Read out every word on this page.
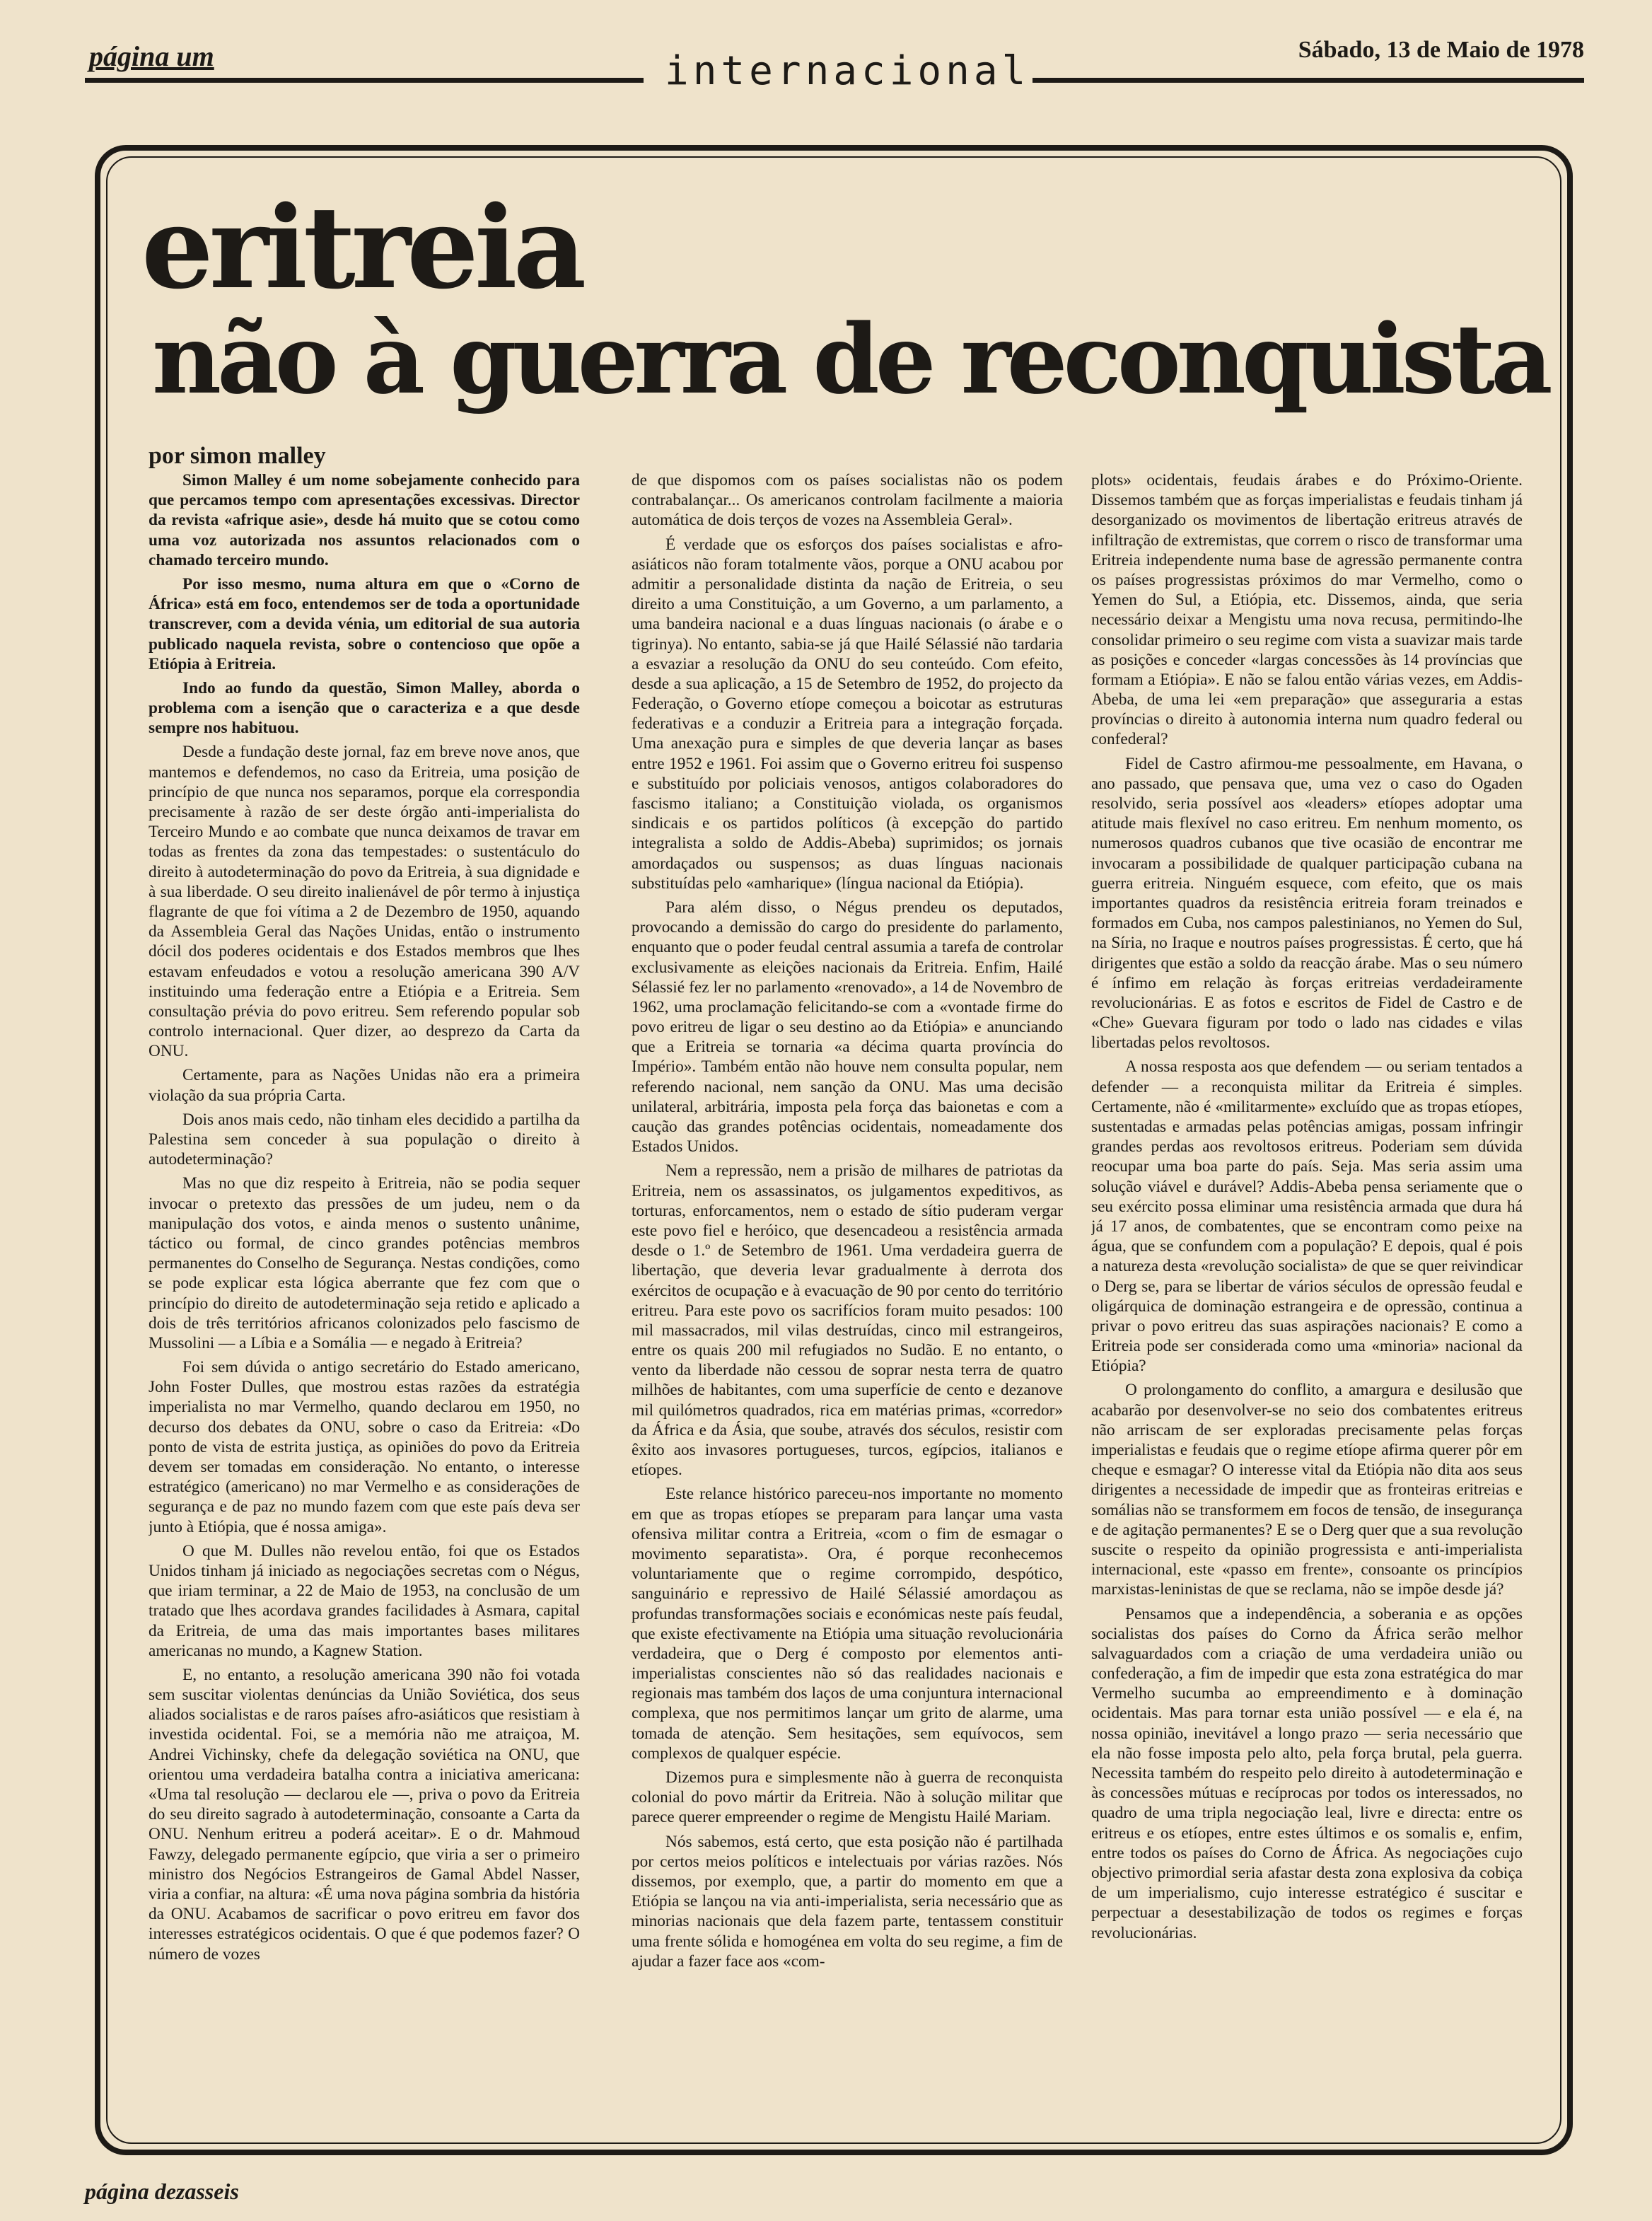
página um	internacional	Sábado, 13 de Maio de 1978
eritreia
não à guerra de reconquista
por simon malley

Simon Malley é um nome sobejamente conhecido para que percamos tempo com apresentações excessivas. Director da revista «afrique asie», desde há muito que se cotou como uma voz autorizada nos assuntos relacionados com o chamado terceiro mundo.

Por isso mesmo, numa altura em que o «Corno de África» está em foco, entendemos ser de toda a oportunidade transcrever, com a devida vénia, um editorial de sua autoria publicado naquela revista, sobre o contencioso que opõe a Etiópia à Eritreia.

Indo ao fundo da questão, Simon Malley, aborda o problema com a isenção que o caracteriza e a que desde sempre nos habituou.

Desde a fundação deste jornal, faz em breve nove anos, que mantemos e defendemos, no caso da Eritreia, uma posição de princípio de que nunca nos separamos, porque ela correspondia precisamente à razão de ser deste órgão anti-imperialista do Terceiro Mundo e ao combate que nunca deixamos de travar em todas as frentes da zona das tempestades: o sustentáculo do direito à autodeterminação do povo da Eritreia, à sua dignidade e à sua liberdade. O seu direito inalienável de pôr termo à injustiça flagrante de que foi vítima a 2 de Dezembro de 1950, aquando da Assembleia Geral das Nações Unidas, então o instrumento dócil dos poderes ocidentais e dos Estados membros que lhes estavam enfeudados e votou a resolução americana 390 A/V instituindo uma federação entre a Etiópia e a Eritreia. Sem consultação prévia do povo eritreu. Sem referendo popular sob controlo internacional. Quer dizer, ao desprezo da Carta da ONU.

Certamente, para as Nações Unidas não era a primeira violação da sua própria Carta.

Dois anos mais cedo, não tinham eles decidido a partilha da Palestina sem conceder à sua população o direito à autodeterminação?

Mas no que diz respeito à Eritreia, não se podia sequer invocar o pretexto das pressões de um judeu, nem o da manipulação dos votos, e ainda menos o sustento unânime, táctico ou formal, de cinco grandes potências membros permanentes do Conselho de Segurança. Nestas condições, como se pode explicar esta lógica aberrante que fez com que o princípio do direito de autodeterminação seja retido e aplicado a dois de três territórios africanos colonizados pelo fascismo de Mussolini — a Líbia e a Somália — e negado à Eritreia?

Foi sem dúvida o antigo secretário do Estado americano, John Foster Dulles, que mostrou estas razões da estratégia imperialista no mar Vermelho, quando declarou em 1950, no decurso dos debates da ONU, sobre o caso da Eritreia: «Do ponto de vista de estrita justiça, as opiniões do povo da Eritreia devem ser tomadas em consideração. No entanto, o interesse estratégico (americano) no mar Vermelho e as considerações de segurança e de paz no mundo fazem com que este país deva ser junto à Etiópia, que é nossa amiga».

O que M. Dulles não revelou então, foi que os Estados Unidos tinham já iniciado as negociações secretas com o Négus, que iriam terminar, a 22 de Maio de 1953, na conclusão de um tratado que lhes acordava grandes facilidades à Asmara, capital da Eritreia, de uma das mais importantes bases militares americanas no mundo, a Kagnew Station.

E, no entanto, a resolução americana 390 não foi votada sem suscitar violentas denúncias da União Soviética, dos seus aliados socialistas e de raros países afro-asiáticos que resistiam à investida ocidental. Foi, se a memória não me atraiçoa, M. Andrei Vichinsky, chefe da delegação soviética na ONU, que orientou uma verdadeira batalha contra a iniciativa americana: «Uma tal resolução — declarou ele —, priva o povo da Eritreia do seu direito sagrado à autodeterminação, consoante a Carta da ONU. Nenhum eritreu a poderá aceitar». E o dr. Mahmoud Fawzy, delegado permanente egípcio, que viria a ser o primeiro ministro dos Negócios Estrangeiros de Gamal Abdel Nasser, viria a confiar, na altura: «É uma nova página sombria da história da ONU. Acabamos de sacrificar o povo eritreu em favor dos interesses estratégicos ocidentais. O que é que podemos fazer? O número de vozes

de que dispomos com os países socialistas não os podem contrabalançar... Os americanos controlam facilmente a maioria automática de dois terços de vozes na Assembleia Geral».

É verdade que os esforços dos países socialistas e afro-asiáticos não foram totalmente vãos, porque a ONU acabou por admitir a personalidade distinta da nação de Eritreia, o seu direito a uma Constituição, a um Governo, a um parlamento, a uma bandeira nacional e a duas línguas nacionais (o árabe e o tigrinya). No entanto, sabia-se já que Hailé Sélassié não tardaria a esvaziar a resolução da ONU do seu conteúdo. Com efeito, desde a sua aplicação, a 15 de Setembro de 1952, do projecto da Federação, o Governo etíope começou a boicotar as estruturas federativas e a conduzir a Eritreia para a integração forçada. Uma anexação pura e simples de que deveria lançar as bases entre 1952 e 1961. Foi assim que o Governo eritreu foi suspenso e substituído por policiais venosos, antigos colaboradores do fascismo italiano; a Constituição violada, os organismos sindicais e os partidos políticos (à excepção do partido integralista a soldo de Addis-Abeba) suprimidos; os jornais amordaçados ou suspensos; as duas línguas nacionais substituídas pelo «amharique» (língua nacional da Etiópia).

Para além disso, o Négus prendeu os deputados, provocando a demissão do cargo do presidente do parlamento, enquanto que o poder feudal central assumia a tarefa de controlar exclusivamente as eleições nacionais da Eritreia. Enfim, Hailé Sélassié fez ler no parlamento «renovado», a 14 de Novembro de 1962, uma proclamação felicitando-se com a «vontade firme do povo eritreu de ligar o seu destino ao da Etiópia» e anunciando que a Eritreia se tornaria «a décima quarta província do Império». Também então não houve nem consulta popular, nem referendo nacional, nem sanção da ONU. Mas uma decisão unilateral, arbitrária, imposta pela força das baionetas e com a caução das grandes potências ocidentais, nomeadamente dos Estados Unidos.

Nem a repressão, nem a prisão de milhares de patriotas da Eritreia, nem os assassinatos, os julgamentos expeditivos, as torturas, enforcamentos, nem o estado de sítio puderam vergar este povo fiel e heróico, que desencadeou a resistência armada desde o 1.º de Setembro de 1961. Uma verdadeira guerra de libertação, que deveria levar gradualmente à derrota dos exércitos de ocupação e à evacuação de 90 por cento do território eritreu. Para este povo os sacrifícios foram muito pesados: 100 mil massacrados, mil vilas destruídas, cinco mil estrangeiros, entre os quais 200 mil refugiados no Sudão. E no entanto, o vento da liberdade não cessou de soprar nesta terra de quatro milhões de habitantes, com uma superfície de cento e dezanove mil quilómetros quadrados, rica em matérias primas, «corredor» da África e da Ásia, que soube, através dos séculos, resistir com êxito aos invasores portugueses, turcos, egípcios, italianos e etíopes.

Este relance histórico pareceu-nos importante no momento em que as tropas etíopes se preparam para lançar uma vasta ofensiva militar contra a Eritreia, «com o fim de esmagar o movimento separatista». Ora, é porque reconhecemos voluntariamente que o regime corrompido, despótico, sanguinário e repressivo de Hailé Sélassié amordaçou as profundas transformações sociais e económicas neste país feudal, que existe efectivamente na Etiópia uma situação revolucionária verdadeira, que o Derg é composto por elementos anti-imperialistas conscientes não só das realidades nacionais e regionais mas também dos laços de uma conjuntura internacional complexa, que nos permitimos lançar um grito de alarme, uma tomada de atenção. Sem hesitações, sem equívocos, sem complexos de qualquer espécie.

Dizemos pura e simplesmente não à guerra de reconquista colonial do povo mártir da Eritreia. Não à solução militar que parece querer empreender o regime de Mengistu Hailé Mariam.

Nós sabemos, está certo, que esta posição não é partilhada por certos meios políticos e intelectuais por várias razões. Nós dissemos, por exemplo, que, a partir do momento em que a Etiópia se lançou na via anti-imperialista, seria necessário que as minorias nacionais que dela fazem parte, tentassem constituir uma frente sólida e homogénea em volta do seu regime, a fim de ajudar a fazer face aos «com-

plots» ocidentais, feudais árabes e do Próximo-Oriente. Dissemos também que as forças imperialistas e feudais tinham já desorganizado os movimentos de libertação eritreus através de infiltração de extremistas, que correm o risco de transformar uma Eritreia independente numa base de agressão permanente contra os países progressistas próximos do mar Vermelho, como o Yemen do Sul, a Etiópia, etc. Dissemos, ainda, que seria necessário deixar a Mengistu uma nova recusa, permitindo-lhe consolidar primeiro o seu regime com vista a suavizar mais tarde as posições e conceder «largas concessões às 14 províncias que formam a Etiópia». E não se falou então várias vezes, em Addis-Abeba, de uma lei «em preparação» que asseguraria a estas províncias o direito à autonomia interna num quadro federal ou confederal?

Fidel de Castro afirmou-me pessoalmente, em Havana, o ano passado, que pensava que, uma vez o caso do Ogaden resolvido, seria possível aos «leaders» etíopes adoptar uma atitude mais flexível no caso eritreu. Em nenhum momento, os numerosos quadros cubanos que tive ocasião de encontrar me invocaram a possibilidade de qualquer participação cubana na guerra eritreia. Ninguém esquece, com efeito, que os mais importantes quadros da resistência eritreia foram treinados e formados em Cuba, nos campos palestinianos, no Yemen do Sul, na Síria, no Iraque e noutros países progressistas. É certo, que há dirigentes que estão a soldo da reacção árabe. Mas o seu número é ínfimo em relação às forças eritreias verdadeiramente revolucionárias. E as fotos e escritos de Fidel de Castro e de «Che» Guevara figuram por todo o lado nas cidades e vilas libertadas pelos revoltosos.

A nossa resposta aos que defendem — ou seriam tentados a defender — a reconquista militar da Eritreia é simples. Certamente, não é «militarmente» excluído que as tropas etíopes, sustentadas e armadas pelas potências amigas, possam infringir grandes perdas aos revoltosos eritreus. Poderiam sem dúvida reocupar uma boa parte do país. Seja. Mas seria assim uma solução viável e durável? Addis-Abeba pensa seriamente que o seu exército possa eliminar uma resistência armada que dura há já 17 anos, de combatentes, que se encontram como peixe na água, que se confundem com a população? E depois, qual é pois a natureza desta «revolução socialista» de que se quer reivindicar o Derg se, para se libertar de vários séculos de opressão feudal e oligárquica de dominação estrangeira e de opressão, continua a privar o povo eritreu das suas aspirações nacionais? E como a Eritreia pode ser considerada como uma «minoria» nacional da Etiópia?

O prolongamento do conflito, a amargura e desilusão que acabarão por desenvolver-se no seio dos combatentes eritreus não arriscam de ser exploradas precisamente pelas forças imperialistas e feudais que o regime etíope afirma querer pôr em cheque e esmagar? O interesse vital da Etiópia não dita aos seus dirigentes a necessidade de impedir que as fronteiras eritreias e somálias não se transformem em focos de tensão, de insegurança e de agitação permanentes? E se o Derg quer que a sua revolução suscite o respeito da opinião progressista e anti-imperialista internacional, este «passo em frente», consoante os princípios marxistas-leninistas de que se reclama, não se impõe desde já?

Pensamos que a independência, a soberania e as opções socialistas dos países do Corno da África serão melhor salvaguardados com a criação de uma verdadeira união ou confederação, a fim de impedir que esta zona estratégica do mar Vermelho sucumba ao empreendimento e à dominação ocidentais. Mas para tornar esta união possível — e ela é, na nossa opinião, inevitável a longo prazo — seria necessário que ela não fosse imposta pelo alto, pela força brutal, pela guerra. Necessita também do respeito pelo direito à autodeterminação e às concessões mútuas e recíprocas por todos os interessados, no quadro de uma tripla negociação leal, livre e directa: entre os eritreus e os etíopes, entre estes últimos e os somalis e, enfim, entre todos os países do Corno de África. As negociações cujo objectivo primordial seria afastar desta zona explosiva da cobiça de um imperialismo, cujo interesse estratégico é suscitar e perpectuar a desestabilização de todos os regimes e forças revolucionárias.

página dezasseis
